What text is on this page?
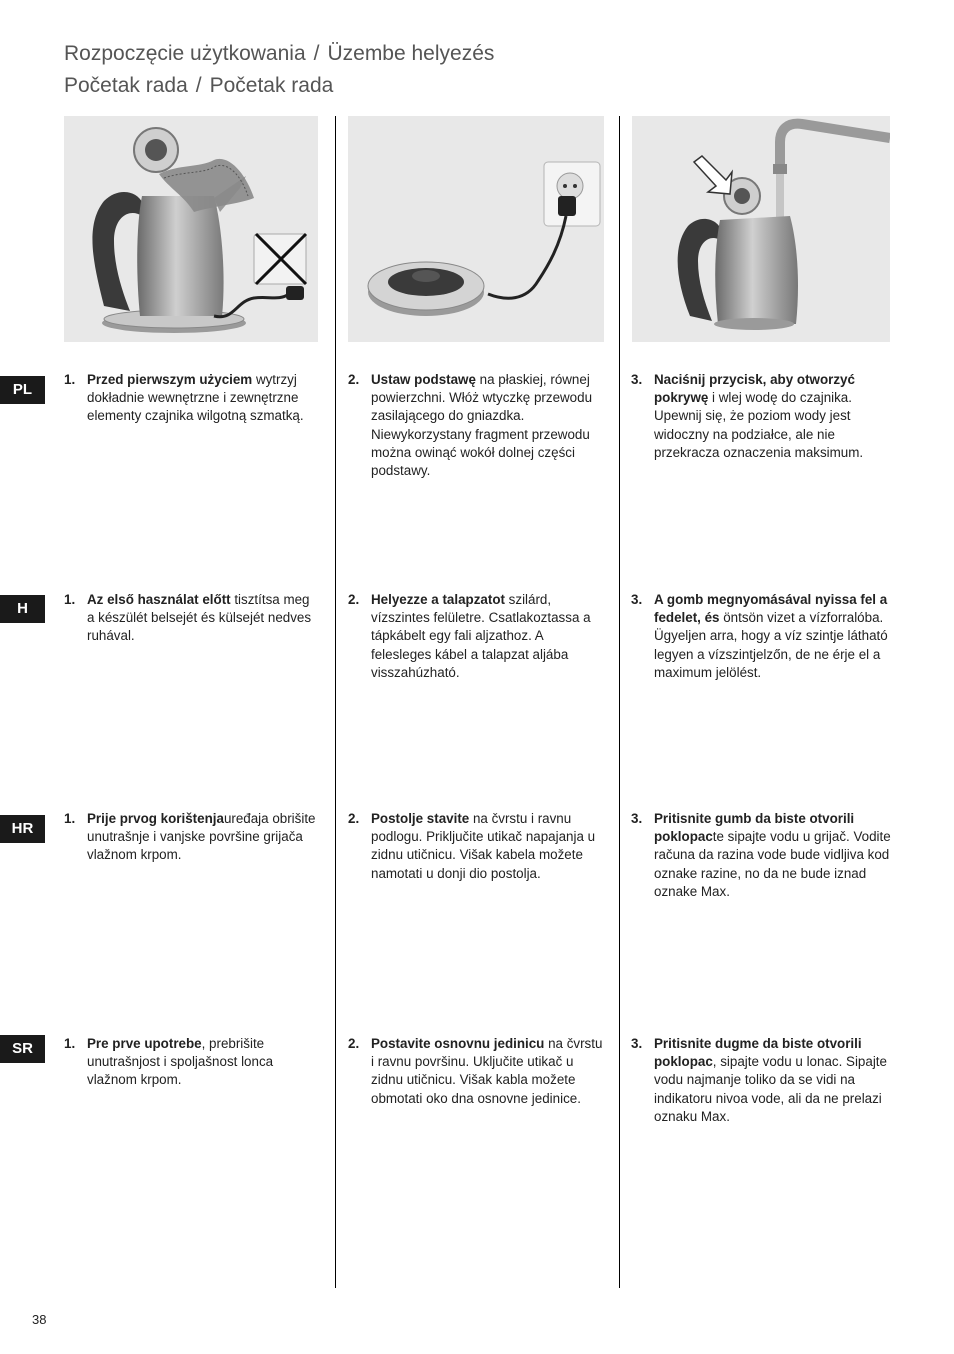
Rozpoczęcie użytkowania / Üzembe helyezés
Početak rada / Početak rada
PL
H
HR
SR
1. Przed pierwszym użyciem wytrzyj dokładnie wewnętrzne i zewnętrzne elementy czajnika wilgotną szmatką.
2. Ustaw podstawę na płaskiej, równej powierzchni. Włóż wtyczkę przewodu zasilającego do gniazdka. Niewykorzystany fragment przewodu można owinąć wokół dolnej części podstawy.
3. Naciśnij przycisk, aby otworzyć pokrywę i wlej wodę do czajnika. Upewnij się, że poziom wody jest widoczny na podziałce, ale nie przekracza oznaczenia maksimum.
1. Az első használat előtt tisztítsa meg a készülét belsejét és külsejét nedves ruhával.
2. Helyezze a talapzatot szilárd, vízszintes felületre. Csatlakoztassa a tápkábelt egy fali aljzathoz. A felesleges kábel a talapzat aljába visszahúzható.
3. A gomb megnyomásával nyissa fel a fedelet, és öntsön vizet a vízforralóba. Ügyeljen arra, hogy a víz szintje látható legyen a vízszintjelzőn, de ne érje el a maximum jelölést.
1. Prije prvog korištenjauređaja obrišite unutrašnje i vanjske površine grijača vlažnom krpom.
2. Postolje stavite na čvrstu i ravnu podlogu. Priključite utikač napajanja u zidnu utičnicu. Višak kabela možete namotati u donji dio postolja.
3. Pritisnite gumb da biste otvorili poklopacte sipajte vodu u grijač. Vodite računa da razina vode bude vidljiva kod oznake razine, no da ne bude iznad oznake Max.
1. Pre prve upotrebe, prebrišite unutrašnjost i spoljašnost lonca vlažnom krpom.
2. Postavite osnovnu jedinicu na čvrstu i ravnu površinu. Uključite utikač u zidnu utičnicu. Višak kabla možete obmotati oko dna osnovne jedinice.
3. Pritisnite dugme da biste otvorili poklopac, sipajte vodu u lonac. Sipajte vodu najmanje toliko da se vidi na indikatoru nivoa vode, ali da ne prelazi oznaku Max.
38
